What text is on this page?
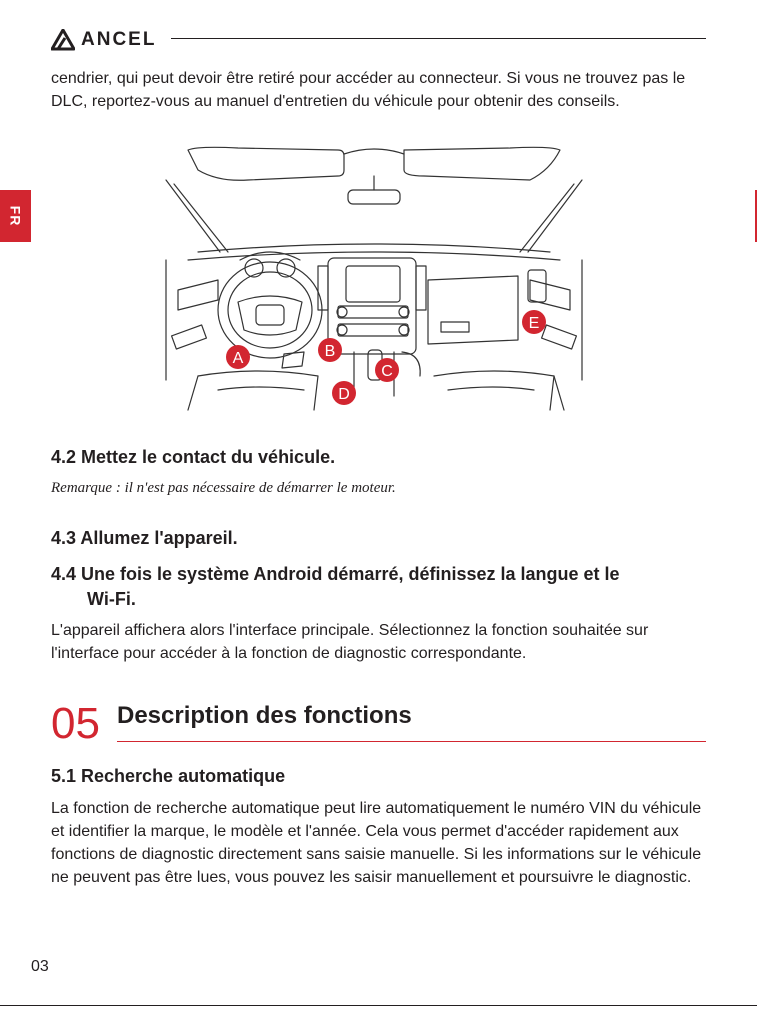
ANCEL
FR

cendrier, qui peut devoir être retiré pour accéder au connecteur. Si vous ne trouvez pas le DLC, reportez-vous au manuel d'entretien du véhicule pour obtenir des conseils.

A	B
C
D
E
4.2 Mettez le contact du véhicule.
Remarque : il n'est pas nécessaire de démarrer le moteur.
4.3 Allumez l'appareil.
4.4 Une fois le système Android démarré, définissez la langue et le
Wi-Fi.

L'appareil affichera alors l'interface principale. Sélectionnez la fonction souhaitée sur l'interface pour accéder à la fonction de diagnostic correspondante.

05 Description des fonctions
5.1 Recherche automatique

La fonction de recherche automatique peut lire automatiquement le numéro VIN du véhicule et identifier la marque, le modèle et l'année. Cela vous permet d'accéder rapidement aux fonctions de diagnostic directement sans saisie manuelle. Si les informations sur le véhicule ne peuvent pas être lues, vous pouvez les saisir manuellement et poursuivre le diagnostic.

03
